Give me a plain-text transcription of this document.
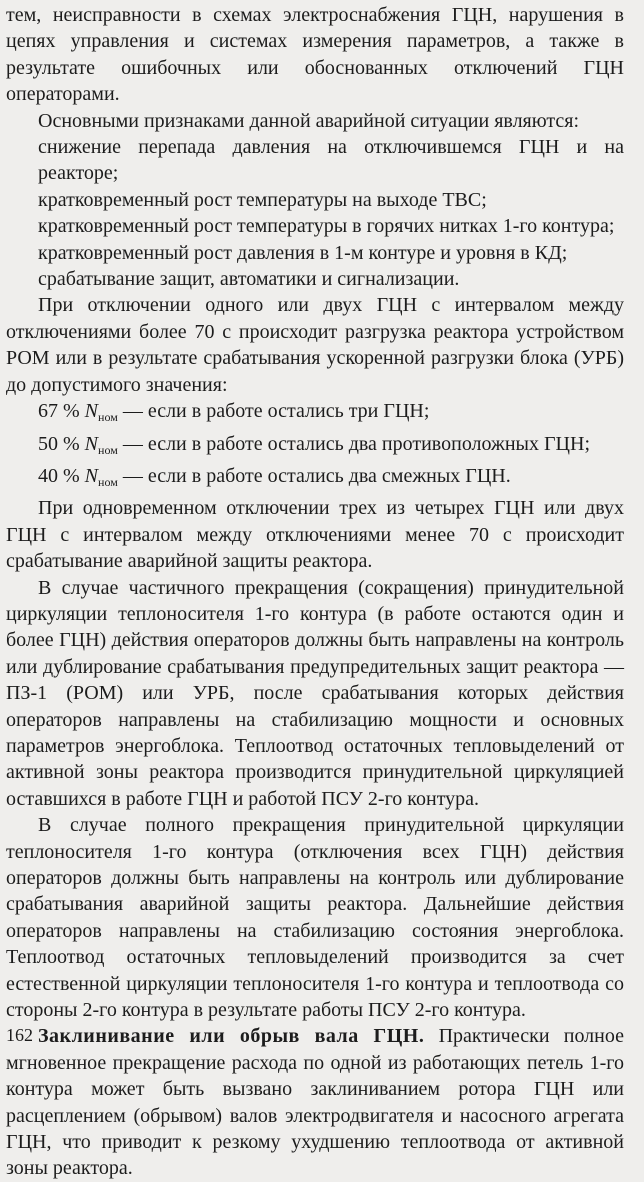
тем, неисправности в схемах электроснабжения ГЦН, нарушения в цепях управления и системах измерения параметров, а также в результате ошибочных или обоснованных отключений ГЦН операторами.

Основными признаками данной аварийной ситуации являются:

снижение перепада давления на отключившемся ГЦН и на реакторе;

кратковременный рост температуры на выходе ТВС;

кратковременный рост температуры в горячих нитках 1-го контура;

кратковременный рост давления в 1-м контуре и уровня в КД;

срабатывание защит, автоматики и сигнализации.

При отключении одного или двух ГЦН с интервалом между отключениями более 70 с происходит разгрузка реактора устройством РОМ или в результате срабатывания ускоренной разгрузки блока (УРБ) до допустимого значения:

67 % $N_{ном}$ — если в работе остались три ГЦН;

50 % $N_{ном}$ — если в работе остались два противоположных ГЦН;

40 % $N_{ном}$ — если в работе остались два смежных ГЦН.

При одновременном отключении трех из четырех ГЦН или двух ГЦН с интервалом между отключениями менее 70 с происходит срабатывание аварийной защиты реактора.

В случае частичного прекращения (сокращения) принудительной циркуляции теплоносителя 1-го контура (в работе остаются один и более ГЦН) действия операторов должны быть направлены на контроль или дублирование срабатывания предупредительных защит реактора — ПЗ-1 (РОМ) или УРБ, после срабатывания которых действия операторов направлены на стабилизацию мощности и основных параметров энергоблока. Теплоотвод остаточных тепловыделений от активной зоны реактора производится принудительной циркуляцией оставшихся в работе ГЦН и работой ПСУ 2-го контура.

В случае полного прекращения принудительной циркуляции теплоносителя 1-го контура (отключения всех ГЦН) действия операторов должны быть направлены на контроль или дублирование срабатывания аварийной защиты реактора. Дальнейшие действия операторов направлены на стабилизацию состояния энергоблока. Теплоотвод остаточных тепловыделений производится за счет естественной циркуляции теплоносителя 1-го контура и теплоотвода со стороны 2-го контура в результате работы ПСУ 2-го контура.

Заклинивание или обрыв вала ГЦН. Практически полное мгновенное прекращение расхода по одной из работающих петель 1-го контура может быть вызвано заклиниванием ротора ГЦН или расцеплением (обрывом) валов электродвигателя и насосного агрегата ГЦН, что приводит к резкому ухудшению теплоотвода от активной зоны реактора.

162
